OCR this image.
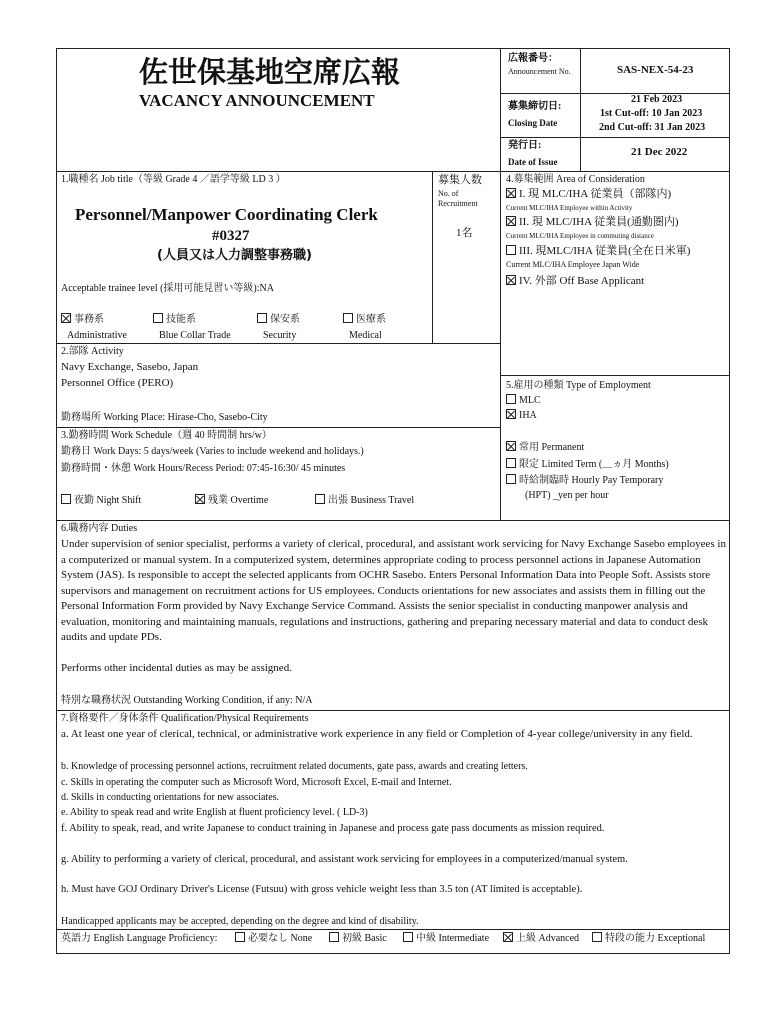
佐世保基地空席広報
VACANCY ANNOUNCEMENT
広報番号：
Announcement No.	SAS-NEX-54-23
募集締切日:
Closing Date
21 Feb 2023
1st Cut-off: 10 Jan 2023
2nd Cut-off: 31 Jan 2023
発行日:
Date of Issue
21 Dec 2022
1.職種名 Job title（等級 Grade 4 ／語学等級 LD 3 ）	募集人数
No. of Recruitment
1名
Personnel/Manpower Coordinating Clerk
#0327
(人員又は人力調整事務職)
Acceptable trainee level (採用可能見習い等級):NA
事務系
Administrative
技能系
Blue Collar Trade
保安系
Security
医療系
Medical
4.募集範囲 Area of Consideration
I. 現 MLC/IHA 従業員（部隊内)
Current MLC/IHA Employee within Activity
II. 現 MLC/IHA 従業員(通勤圏内)
Current MLC/IHA Employee in commuting distance
III. 現MLC/IHA 従業員(全在日米軍)
Current MLC/IHA Employee Japan Wide
IV. 外部 Off Base Applicant
2.部隊 Activity
Navy Exchange, Sasebo, Japan
Personnel Office (PERO)
勤務場所 Working Place: Hirase-Cho, Sasebo-City
5.雇用の種類 Type of Employment
MLC
IHA
常用 Permanent
限定 Limited Term (＿ヵ月 Months)
時給制臨時 Hourly Pay Temporary
(HPT) _yen per hour
3.勤務時間 Work Schedule（週 40 時間制 hrs/w）
勤務日 Work Days: 5 days/week (Varies to include weekend and holidays.)
勤務時間・休憩 Work Hours/Recess Period: 07:45-16:30/ 45 minutes
夜勤 Night Shift	残業 Overtime	出張 Business Travel
6.職務内容 Duties
Under supervision of senior specialist, performs a variety of clerical, procedural, and assistant work servicing for Navy Exchange Sasebo employees in a computerized or manual system. In a computerized system, determines appropriate coding to process personnel actions in Japanese Automation System (JAS). Is responsible to accept the selected applicants from OCHR Sasebo. Enters Personal Information Data into People Soft. Assists store supervisors and management on recruitment actions for US employees. Conducts orientations for new associates and assists them in filling out the Personal Information Form provided by Navy Exchange Service Command. Assists the senior specialist in conducting manpower analysis and evaluation, monitoring and maintaining manuals, regulations and instructions, gathering and preparing necessary material and data to conduct desk audits and update PDs.
Performs other incidental duties as may be assigned.
特別な職務状況 Outstanding Working Condition, if any: N/A
7.資格要件／身体条件 Qualification/Physical Requirements
a. At least one year of clerical, technical, or administrative work experience in any field or Completion of 4-year college/university in any field.
b. Knowledge of processing personnel actions, recruitment related documents, gate pass, awards and creating letters.
c. Skills in operating the computer such as Microsoft Word, Microsoft Excel, E-mail and Internet.
d. Skills in conducting orientations for new associates.
e. Ability to speak read and write English at fluent proficiency level. ( LD-3)
f. Ability to speak, read, and write Japanese to conduct training in Japanese and process gate pass documents as mission required.
g. Ability to performing a variety of clerical, procedural, and assistant work servicing for employees in a computerized/manual system.
h. Must have GOJ Ordinary Driver's License (Futsuu) with gross vehicle weight less than 3.5 ton (AT limited is acceptable).
Handicapped applicants may be accepted, depending on the degree and kind of disability.
英語力 English Language Proficiency:	必要なし None	初級 Basic	中級 Intermediate	上級 Advanced	特段の能力 Exceptional
